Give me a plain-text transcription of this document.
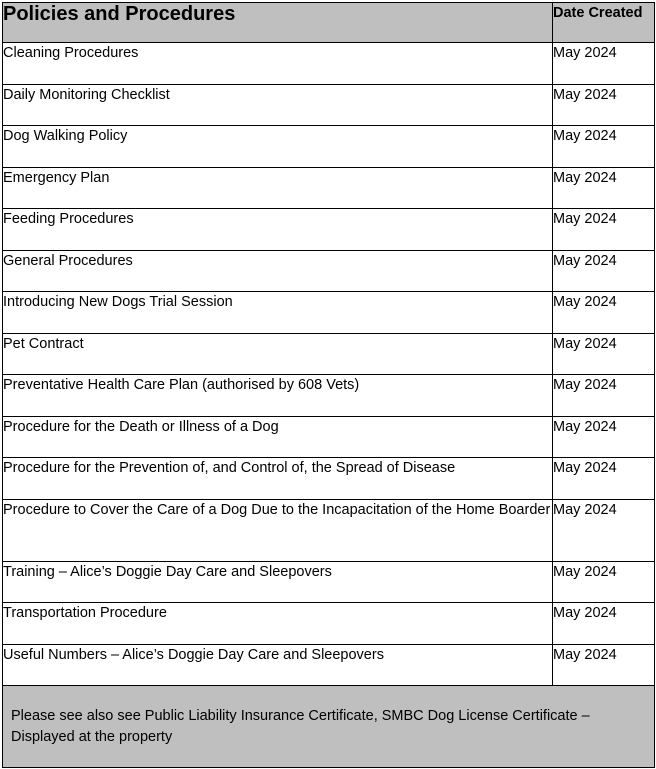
Policies and Procedures	Date Created
Cleaning Procedures	May 2024
Daily Monitoring Checklist	May 2024
Dog Walking Policy	May 2024
Emergency Plan	May 2024
Feeding Procedures	May 2024
General Procedures	May 2024
Introducing New Dogs Trial Session	May 2024
Pet Contract	May 2024
Preventative Health Care Plan (authorised by 608 Vets)	May 2024
Procedure for the Death or Illness of a Dog	May 2024
Procedure for the Prevention of, and Control of, the Spread of Disease	May 2024
Procedure to Cover the Care of a Dog Due to the Incapacitation of the Home Boarder	May 2024
Training – Alice’s Doggie Day Care and Sleepovers	May 2024
Transportation Procedure	May 2024
Useful Numbers – Alice’s Doggie Day Care and Sleepovers	May 2024
Please see also see Public Liability Insurance Certificate, SMBC Dog License Certificate – Displayed at the property	
